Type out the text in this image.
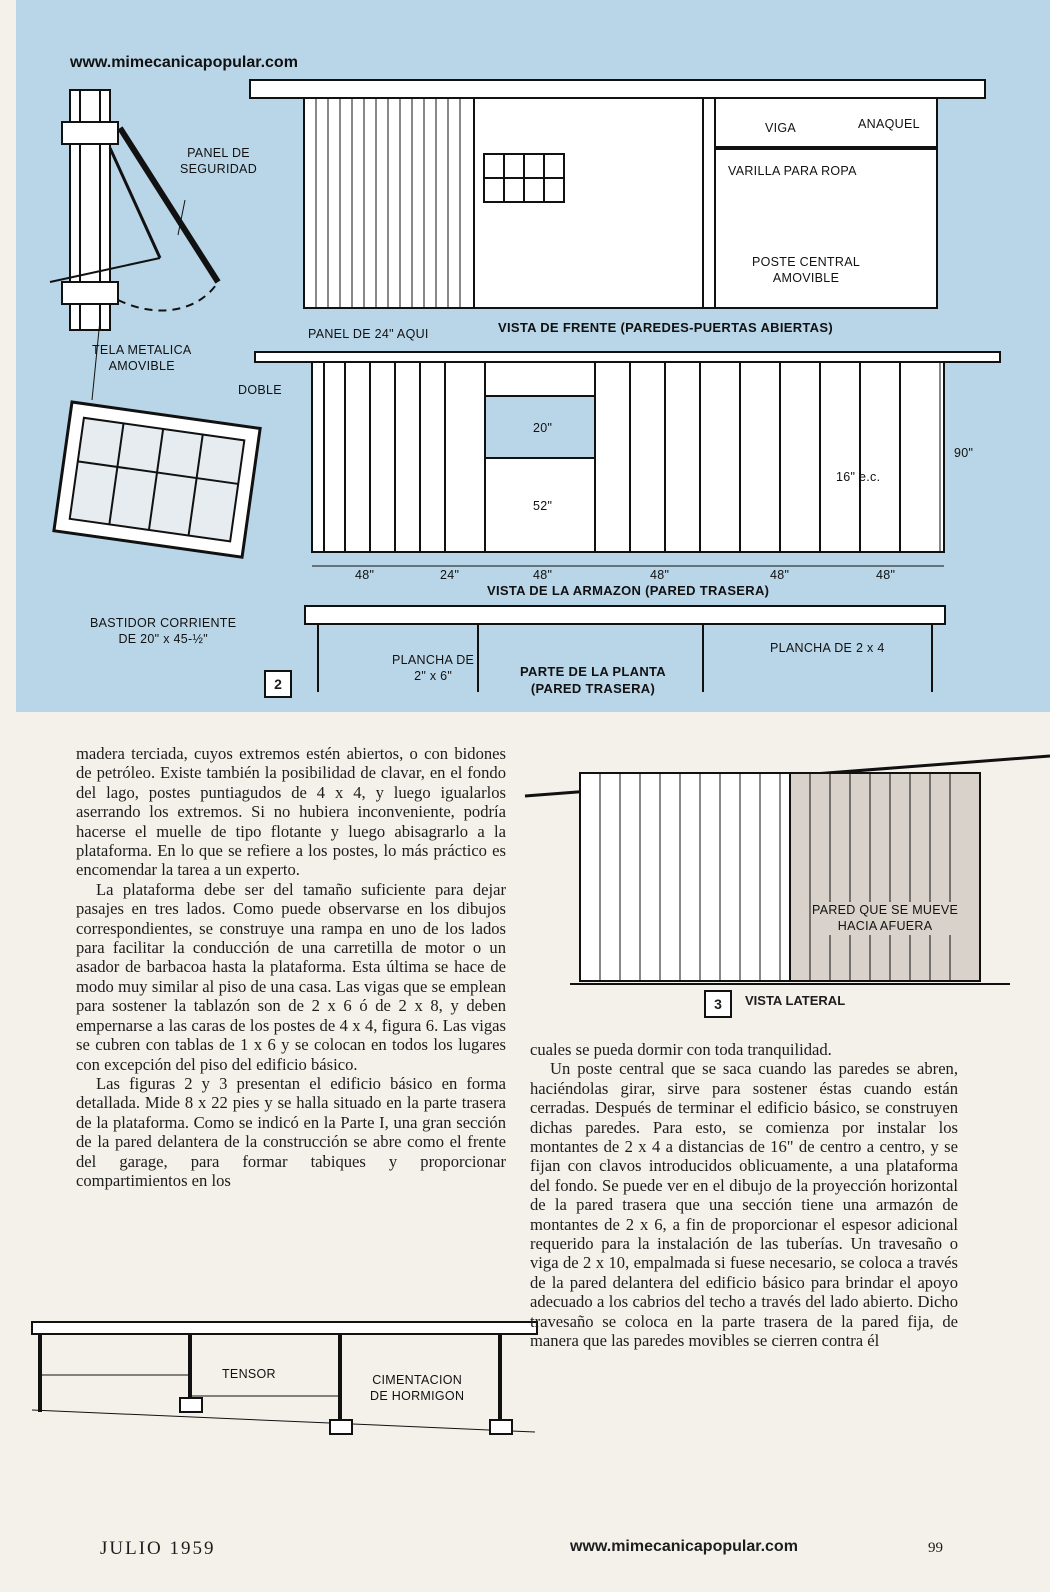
www.mimecanicapopular.com
PANEL DE
SEGURIDAD
TELA METALICA
AMOVIBLE
BASTIDOR CORRIENTE
DE 20" x 45-½"
VIGA	ANAQUEL
VARILLA PARA ROPA
POSTE CENTRAL
AMOVIBLE
PANEL DE 24" AQUI	VISTA DE FRENTE (PAREDES-PUERTAS ABIERTAS)
DOBLE
20"
52"
16" e.c.
90"
48"	24"	48"	48"	48"	48"
VISTA DE LA ARMAZON (PARED TRASERA)
PLANCHA DE
2" x 6"	PARTE DE LA PLANTA
(PARED TRASERA)
PLANCHA DE 2 x 4
2
PARED QUE SE MUEVE
HACIA AFUERA
3	VISTA LATERAL
TENSOR	CIMENTACION
DE HORMIGON

madera terciada, cuyos extremos estén abiertos, o con bidones de petróleo. Existe también la posibilidad de clavar, en el fondo del lago, postes puntiagudos de 4 x 4, y luego igualarlos aserrando los extremos. Si no hubiera inconveniente, podría hacerse el muelle de tipo flotante y luego abisagrarlo a la plataforma. En lo que se refiere a los postes, lo más práctico es encomendar la tarea a un experto.

La plataforma debe ser del tamaño suficiente para dejar pasajes en tres lados. Como puede observarse en los dibujos correspondientes, se construye una rampa en uno de los lados para facilitar la conducción de una carretilla de motor o un asador de barbacoa hasta la plataforma. Esta última se hace de modo muy similar al piso de una casa. Las vigas que se emplean para sostener la tablazón son de 2 x 6 ó de 2 x 8, y deben empernarse a las caras de los postes de 4 x 4, figura 6. Las vigas se cubren con tablas de 1 x 6 y se colocan en todos los lugares con excepción del piso del edificio básico.

Las figuras 2 y 3 presentan el edificio básico en forma detallada. Mide 8 x 22 pies y se halla situado en la parte trasera de la plataforma. Como se indicó en la Parte I, una gran sección de la pared delantera de la construcción se abre como el frente del garage, para formar tabiques y proporcionar compartimientos en los

cuales se pueda dormir con toda tranquilidad.

Un poste central que se saca cuando las paredes se abren, haciéndolas girar, sirve para sostener éstas cuando están cerradas. Después de terminar el edificio básico, se construyen dichas paredes. Para esto, se comienza por instalar los montantes de 2 x 4 a distancias de 16" de centro a centro, y se fijan con clavos introducidos oblicuamente, a una plataforma del fondo. Se puede ver en el dibujo de la proyección horizontal de la pared trasera que una sección tiene una armazón de montantes de 2 x 6, a fin de proporcionar el espesor adicional requerido para la instalación de las tuberías. Un travesaño o viga de 2 x 10, empalmada si fuese necesario, se coloca a través de la pared delantera del edificio básico para brindar el apoyo adecuado a los cabrios del techo a través del lado abierto. Dicho travesaño se coloca en la parte trasera de la pared fija, de manera que las paredes movibles se cierren contra él

JULIO 1959	www.mimecanicapopular.com	99
